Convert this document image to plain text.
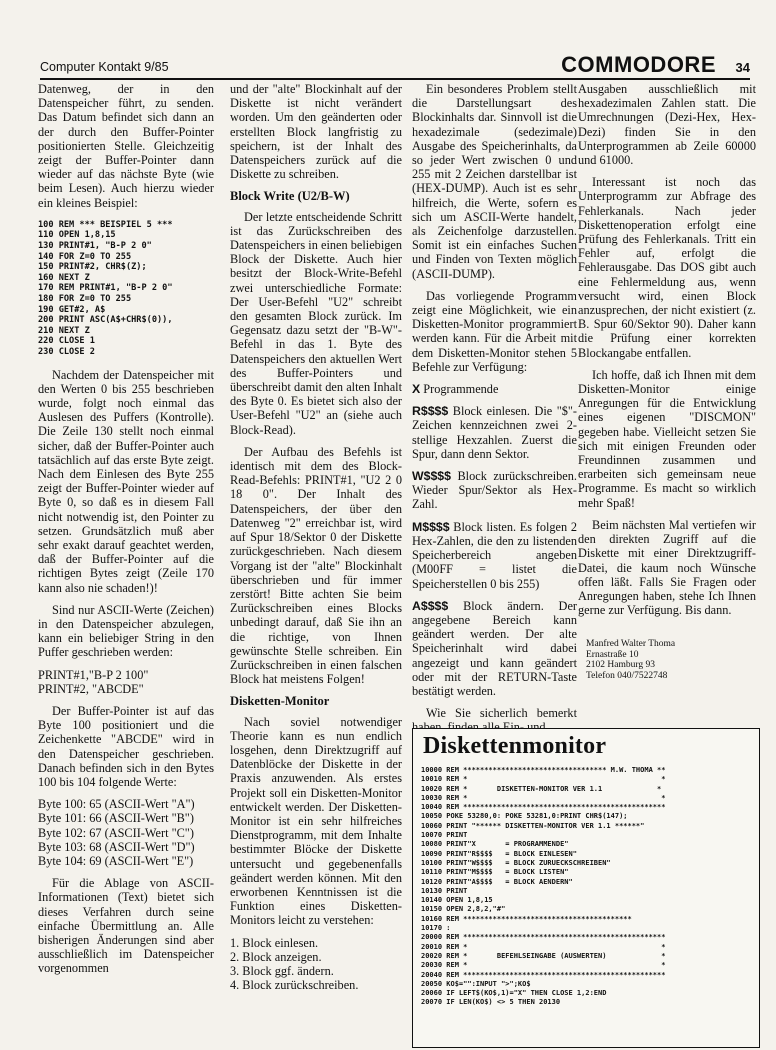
Computer Kontakt 9/85	COMMODORE 34

Datenweg, der in den Datenspeicher führt, zu senden. Das Datum befindet sich dann an der durch den Buffer-Pointer positionierten Stelle. Gleichzeitig zeigt der Buffer-Pointer dann wieder auf das nächste Byte (wie beim Lesen). Auch hierzu wieder ein kleines Beispiel:

100 REM *** BEISPIEL 5 ***
110 OPEN 1,8,15
130 PRINT#1, "B-P 2 0"
140 FOR Z=0 TO 255
150 PRINT#2, CHR$(Z);
160 NEXT Z
170 REM PRINT#1, "B-P 2 0"
180 FOR Z=0 TO 255
190 GET#2, A$
200 PRINT ASC(A$+CHR$(0)),
210 NEXT Z
220 CLOSE 1
230 CLOSE 2

Nachdem der Datenspeicher mit den Werten 0 bis 255 beschrieben wurde, folgt noch einmal das Auslesen des Puffers (Kontrolle). Die Zeile 130 stellt noch einmal sicher, daß der Buffer-Pointer auch tatsächlich auf das erste Byte zeigt. Nach dem Einlesen des Byte 255 zeigt der Buffer-Pointer wieder auf Byte 0, so daß es in diesem Fall nicht notwendig ist, den Pointer zu setzen. Grundsätzlich muß aber sehr exakt darauf geachtet werden, daß der Buffer-Pointer auf die richtigen Bytes zeigt (Zeile 170 kann also nie schaden!)!

Sind nur ASCII-Werte (Zeichen) in den Datenspeicher abzulegen, kann ein beliebiger String in den Puffer geschrieben werden:

PRINT#1,"B-P 2 100"

PRINT#2, "ABCDE"

Der Buffer-Pointer ist auf das Byte 100 positioniert und die Zeichenkette "ABCDE" wird in den Datenspeicher geschrieben. Danach befinden sich in den Bytes 100 bis 104 folgende Werte:

Byte 100: 65 (ASCII-Wert "A")

Byte 101: 66 (ASCII-Wert "B")

Byte 102: 67 (ASCII-Wert "C")

Byte 103: 68 (ASCII-Wert "D")

Byte 104: 69 (ASCII-Wert "E")

Für die Ablage von ASCII-Informationen (Text) bietet sich dieses Verfahren durch seine einfache Übermittlung an. Alle bisherigen Änderungen sind aber ausschließlich im Datenspeicher vorgenommen

und der "alte" Blockinhalt auf der Diskette ist nicht verändert worden. Um den geänderten oder erstellten Block langfristig zu speichern, ist der Inhalt des Datenspeichers zurück auf die Diskette zu schreiben.

Block Write (U2/B-W)

Der letzte entscheidende Schritt ist das Zurückschreiben des Datenspeichers in einen beliebigen Block der Diskette. Auch hier besitzt der Block-Write-Befehl zwei unterschiedliche Formate: Der User-Befehl "U2" schreibt den gesamten Block zurück. Im Gegensatz dazu setzt der "B-W"-Befehl in das 1. Byte des Datenspeichers den aktuellen Wert des Buffer-Pointers und überschreibt damit den alten Inhalt des Byte 0. Es bietet sich also der User-Befehl "U2" an (siehe auch Block-Read).

Der Aufbau des Befehls ist identisch mit dem des Block-Read-Befehls: PRINT#1, "U2 2 0 18 0". Der Inhalt des Datenspeichers, der über den Datenweg "2" erreichbar ist, wird auf Spur 18/Sektor 0 der Diskette zurückgeschrieben. Nach diesem Vorgang ist der "alte" Blockinhalt überschrieben und für immer zerstört! Bitte achten Sie beim Zurückschreiben eines Blocks unbedingt darauf, daß Sie ihn an die richtige, von Ihnen gewünschte Stelle schreiben. Ein Zurückschreiben in einen falschen Block hat meistens Folgen!

Disketten-Monitor

Nach soviel notwendiger Theorie kann es nun endlich losgehen, denn Direktzugriff auf Datenblöcke der Diskette in der Praxis anzuwenden. Als erstes Projekt soll ein Disketten-Monitor entwickelt werden. Der Disketten-Monitor ist ein sehr hilfreiches Dienstprogramm, mit dem Inhalte bestimmter Blöcke der Diskette untersucht und gegebenenfalls geändert werden können. Mit den erworbenen Kenntnissen ist die Funktion eines Disketten-Monitors leicht zu verstehen:

1. Block einlesen.

2. Block anzeigen.

3. Block ggf. ändern.

4. Block zurückschreiben.

Ein besonderes Problem stellt die Darstellungsart des Blockinhalts dar. Sinnvoll ist die hexadezimale (sedezimale) Ausgabe des Speicherinhalts, da so jeder Wert zwischen 0 und 255 mit 2 Zeichen darstellbar ist (HEX-DUMP). Auch ist es sehr hilfreich, die Werte, sofern es sich um ASCII-Werte handelt, als Zeichenfolge darzustellen. Somit ist ein einfaches Suchen und Finden von Texten möglich (ASCII-DUMP).

Das vorliegende Programm zeigt eine Möglichkeit, wie ein Disketten-Monitor programmiert werden kann. Für die Arbeit mit dem Disketten-Monitor stehen 5 Befehle zur Verfügung:

X Programmende

R$$$$ Block einlesen. Die "$"-Zeichen kennzeichnen zwei 2-stellige Hexzahlen. Zuerst die Spur, dann denn Sektor.

W$$$$ Block zurückschreiben. Wieder Spur/Sektor als Hex-Zahl.

M$$$$ Block listen. Es folgen 2 Hex-Zahlen, die den zu listenden Speicherbereich angeben (M00FF = listet die Speicherstellen 0 bis 255)

A$$$$ Block ändern. Der angegebene Bereich kann geändert werden. Der alte Speicherinhalt wird dabei angezeigt und kann geändert oder mit der RETURN-Taste bestätigt werden.

Wie Sie sicherlich bemerkt

Ausgaben ausschließlich mit hexadezimalen Zahlen statt. Die Umrechnungen (Dezi-Hex, Hex-Dezi) finden Sie in den Unterprogrammen ab Zeile 60000 und 61000.

Interessant ist noch das Unterprogramm zur Abfrage des Fehlerkanals. Nach jeder Diskettenoperation erfolgt eine Prüfung des Fehlerkanals. Tritt ein Fehler auf, erfolgt die Fehlerausgabe. Das DOS gibt auch eine Fehlermeldung aus, wenn versucht wird, einen Block anzusprechen, der nicht existiert (z. B. Spur 60/Sektor 90). Daher kann die Prüfung einer korrekten Blockangabe entfallen.

Ich hoffe, daß ich Ihnen mit dem Disketten-Monitor einige Anregungen für die Entwicklung eines eigenen "DISCMON" gegeben habe. Vielleicht setzen Sie sich mit einigen Freunden oder Freundinnen zusammen und erarbeiten sich gemeinsam neue Programme. Es macht so wirklich mehr Spaß!

Beim nächsten Mal vertiefen wir den direkten Zugriff auf die Diskette mit einer Direktzugriff-Datei, die kaum noch Wünsche offen läßt. Falls Sie Fragen oder Anregungen haben, stehe Ich Ihnen gerne zur Verfügung. Bis dann.

Manfred Walter Thoma
Ernastraße 10
2102 Hamburg 93
Telefon 040/7522748
Diskettenmonitor
10000 REM ********************************** M.W. THOMA **
10010 REM *                                              *
10020 REM *       DISKETTEN-MONITOR VER 1.1             *
10030 REM *                                              *
10040 REM ************************************************
10050 POKE 53280,0: POKE 53281,0:PRINT CHR$(147);
10060 PRINT "****** DISKETTEN-MONITOR VER 1.1 ******"
10070 PRINT
10080 PRINT"X       = PROGRAMMENDE"
10090 PRINT"R$$$$   = BLOCK EINLESEN"
10100 PRINT"W$$$$   = BLOCK ZURUECKSCHREIBEN"
10110 PRINT"M$$$$   = BLOCK LISTEN"
10120 PRINT"A$$$$   = BLOCK AENDERN"
10130 PRINT
10140 OPEN 1,8,15
10150 OPEN 2,8,2,"#"
10160 REM ****************************************
10170 :
20000 REM ************************************************
20010 REM *                                              *
20020 REM *       BEFEHLSEINGABE (AUSWERTEN)             *
20030 REM *                                              *
20040 REM ************************************************
20050 KO$="":INPUT ">";KO$
20060 IF LEFT$(KO$,1)="X" THEN CLOSE 1,2:END
20070 IF LEN(KO$) <> 5 THEN 20130
